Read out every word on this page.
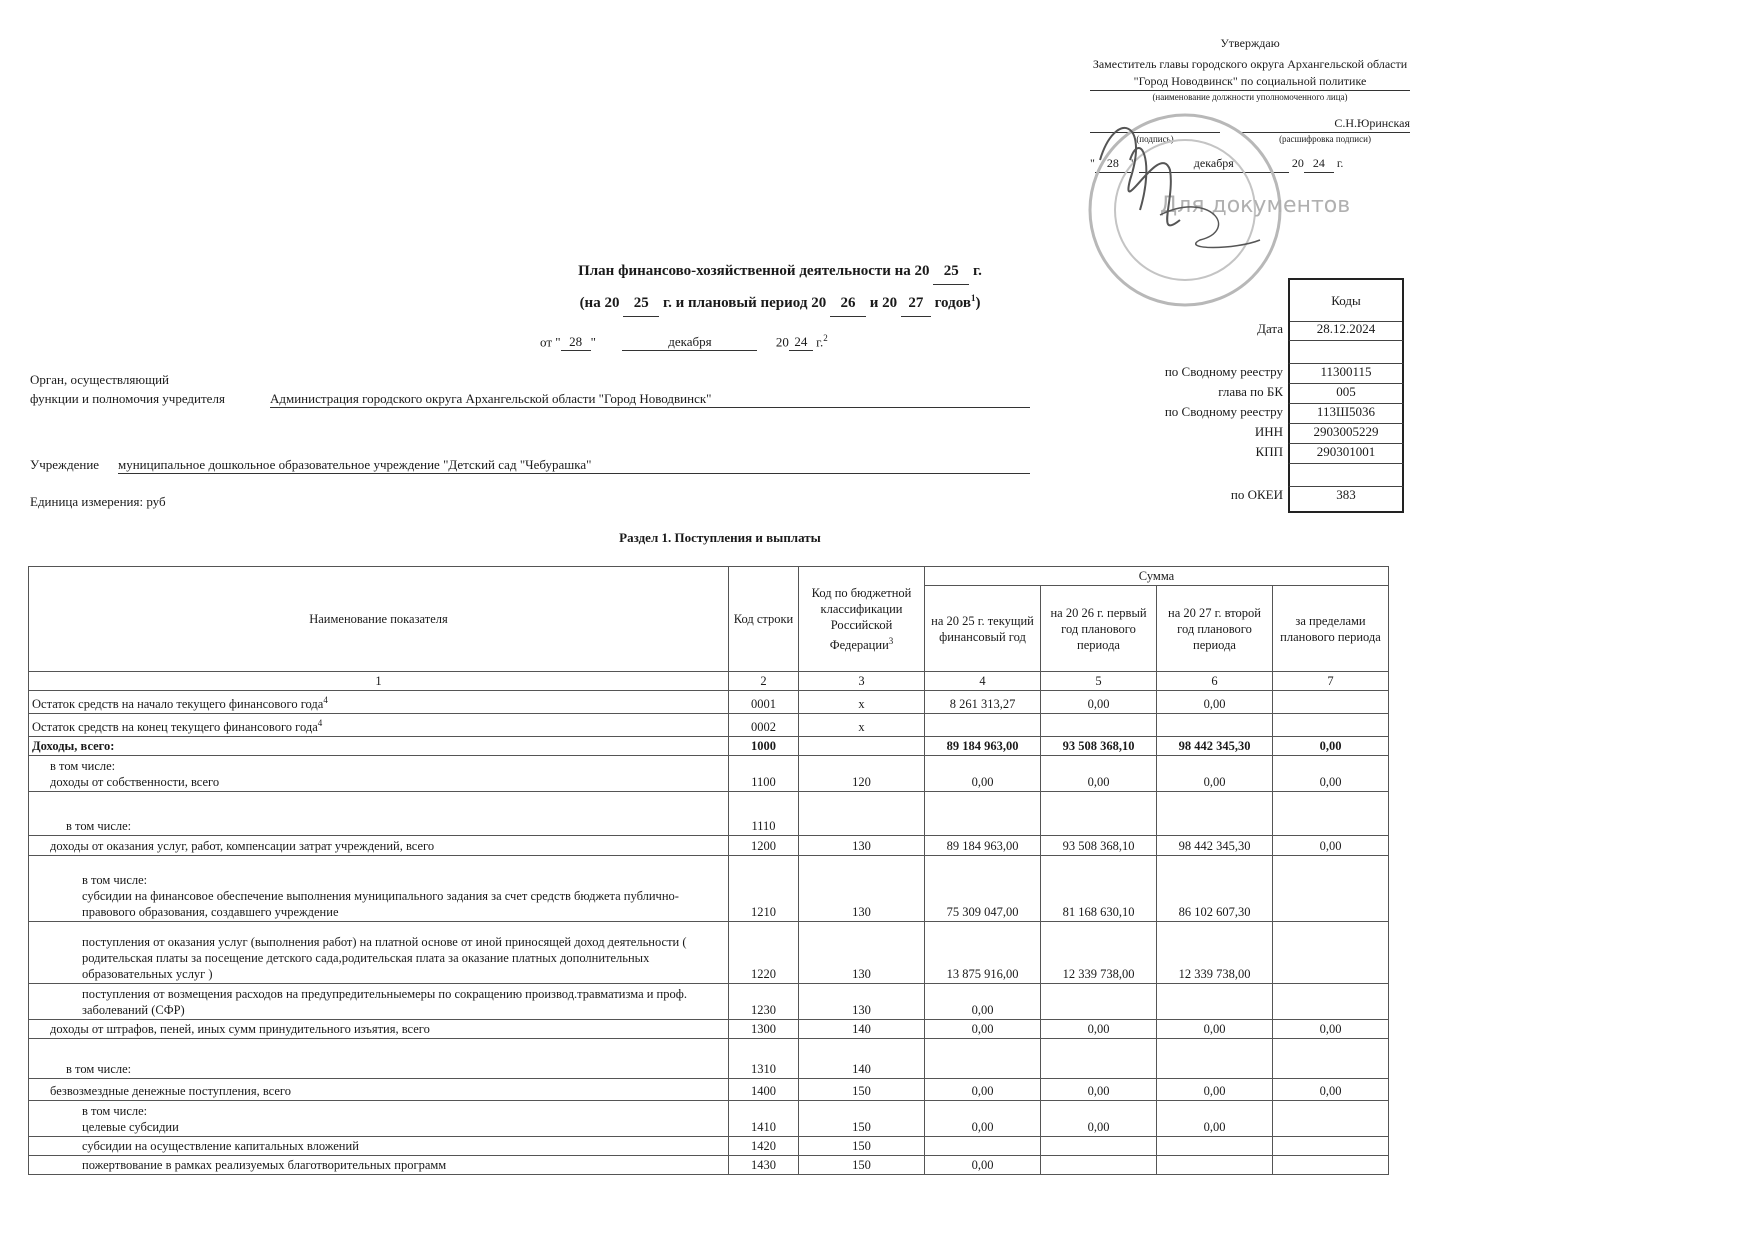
Утверждаю
Заместитель главы городского округа Архангельской области "Город Новодвинск" по социальной политике
(наименование должности уполномоченного лица)

С.Н.Юринская
(подпись)	(расшифровка подписи)
" 28 "	декабря	20 24 г.
Для документов
План финансово-хозяйственной деятельности на 20 25 г.
(на 20 25 г. и плановый период 20 26 и 20 27 годов$^1$)
от " 28 "	декабря	20 24 г.$^2$
Орган, осуществляющий
функции и полномочия учредителя	Администрация городского округа Архангельской области "Город Новодвинск"
Учреждение муниципальное дошкольное образовательное учреждение "Детский сад "Чебурашка"
Единица измерения: руб
Коды
Дата	28.12.2024
по Сводному реестру	11300115
глава по БК	005
по Сводному реестру	113Ш5036
ИНН	2903005229
КПП	290301001
по ОКЕИ	383
Раздел 1. Поступления и выплаты
Наименование показателя	Код строки	Код по бюджетной классификации Российской Федерации$^3$	Сумма			
			на 20 25 г. текущий финансовый год	на 20 26 г. первый год планового периода	на 20 27 г. второй год планового периода	за пределами планового периода
1	2	3	4	5	6	7
Остаток средств на начало текущего финансового года$^4$	0001	x	8 261 313,27	0,00	0,00	
Остаток средств на конец текущего финансового года$^4$	0002	x				
Доходы, всего:	1000		89 184 963,00	93 508 368,10	98 442 345,30	0,00
в том числе:
доходы от собственности, всего	1100	120	0,00	0,00	0,00	0,00
в том числе:	1110					
доходы от оказания услуг, работ, компенсации затрат учреждений, всего	1200	130	89 184 963,00	93 508 368,10	98 442 345,30	0,00
в том числе:
субсидии на финансовое обеспечение выполнения муниципального задания за счет средств бюджета публично-правового образования, создавшего учреждение	1210	130	75 309 047,00	81 168 630,10	86 102 607,30	
поступления от оказания услуг (выполнения работ) на платной основе от иной приносящей доход деятельности ( родительская платы за посещение детского сада,родительская плата за оказание платных дополнительных образовательных услуг )	1220	130	13 875 916,00	12 339 738,00	12 339 738,00	
поступления от возмещения расходов на предупредительныемеры по сокращению производ.травматизма и проф. заболеваний (СФР)	1230	130	0,00			
доходы от штрафов, пеней, иных сумм принудительного изъятия, всего	1300	140	0,00	0,00	0,00	0,00
в том числе:	1310	140				
безвозмездные денежные поступления, всего	1400	150	0,00	0,00	0,00	0,00
в том числе:
целевые субсидии	1410	150	0,00	0,00	0,00	
субсидии на осуществление капитальных вложений	1420	150				
пожертвование в рамках реализуемых благотворительных программ	1430	150	0,00			
